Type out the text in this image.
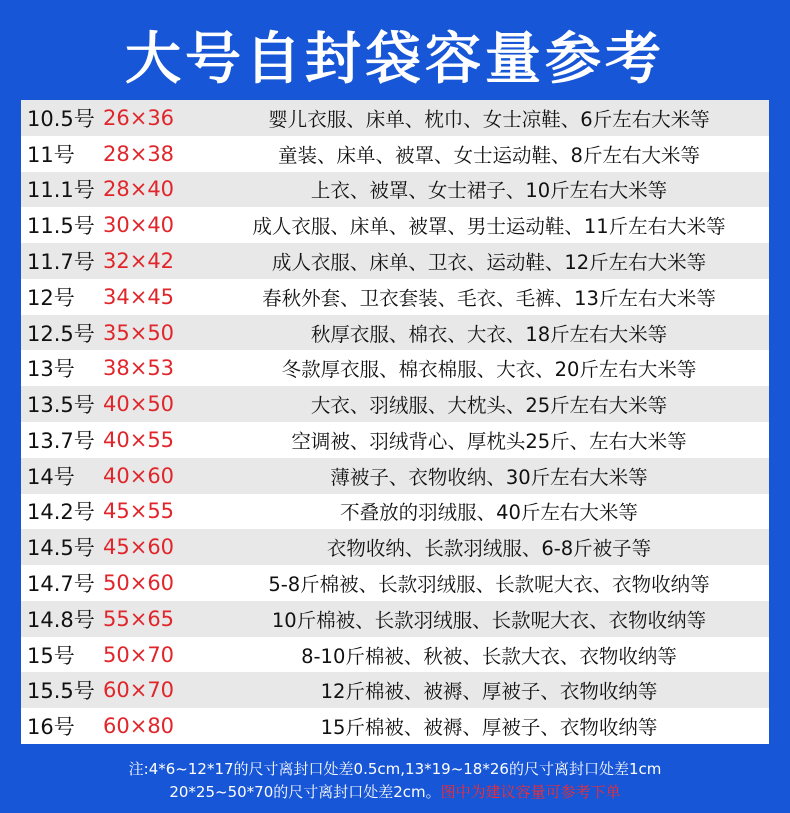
大号自封袋容量参考
10.5号 26×36	婴儿衣服、床单、枕巾、女士凉鞋、6斤左右大米等
11号	28×38	童装、床单、被罩、女士运动鞋、8斤左右大米等
11.1号 28×40	上衣、被罩、女士裙子、10斤左右大米等
11.5号 30×40	成人衣服、床单、被罩、男士运动鞋、11斤左右大米等
11.7号 32×42	成人衣服、床单、卫衣、运动鞋、12斤左右大米等
12号	34×45	春秋外套、卫衣套装、毛衣、毛裤、13斤左右大米等
12.5号 35×50	秋厚衣服、棉衣、大衣、18斤左右大米等
13号	38×53	冬款厚衣服、棉衣棉服、大衣、20斤左右大米等
13.5号 40×50	大衣、羽绒服、大枕头、25斤左右大米等
13.7号 40×55	空调被、羽绒背心、厚枕头25斤、左右大米等
14号	40×60	薄被子、衣物收纳、30斤左右大米等
14.2号 45×55	不叠放的羽绒服、40斤左右大米等
14.5号 45×60	衣物收纳、长款羽绒服、6-8斤被子等
14.7号 50×60	5-8斤棉被、长款羽绒服、长款呢大衣、衣物收纳等
14.8号 55×65	10斤棉被、长款羽绒服、长款呢大衣、衣物收纳等
15号	50×70	8-10斤棉被、秋被、长款大衣、衣物收纳等
15.5号 60×70	12斤棉被、被褥、厚被子、衣物收纳等
16号	60×80	15斤棉被、被褥、厚被子、衣物收纳等
注:4*6~12*17的尺寸离封口处差0.5cm,13*19~18*26的尺寸离封口处差1cm
20*25~50*70的尺寸离封口处差2cm。图中为建议容量可参考下单
